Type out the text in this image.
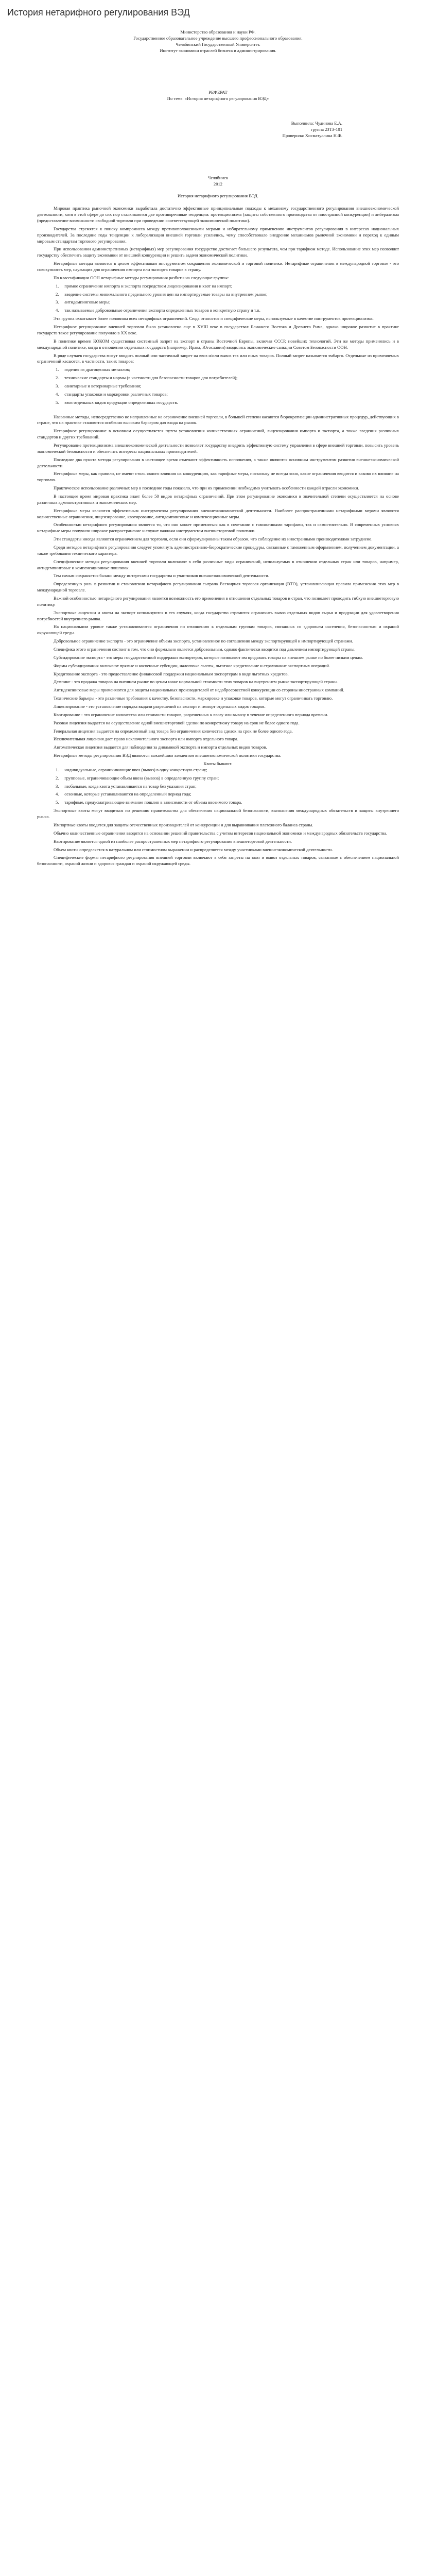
История нетарифного регулирования ВЭД

Министерство образования и науки РФ.

Государственное образовательное учреждение высшего профессионального образования.

Челябинский Государственный Университет.

Институт экономики отраслей бизнеса и администрирования.

РЕФЕРАТ

По теме: «История нетарифного регулирования ВЭД»

Выполнила: Чудинова Е.А.

группа 23Т3-101

Проверила: Хисматуллина Н.Ф.

Челябинск

2012

История нетарифного регулирования ВЭД.

Мировая практика рыночной экономики выработала достаточно эффективные принципиальные подходы к механизму государственного регулирования внешнеэкономической деятельности, хотя в этой сфере до сих пор сталкиваются две противоречивые тенденции: протекционизма (защиты собственного производства от иностранной конкуренции) и либерализма (предоставление возможности свободной торговли при проведении соответствующей экономической политики).

Государства стремятся к поиску компромисса между противоположенными мерами и избирательному применению инструментов регулирования в интересах национальных производителей. За последние годы тенденции к либерализации внешней торговли усилились, чему способствовало внедрение механизмов рыночной экономики и переход к единым мировым стандартам торгового регулирования.

При использовании административных (нетарифных) мер регулирования государство достигает большего результата, чем при тарифном методе. Использование этих мер позволяет государству обеспечить защиту экономики от внешней конкуренции и решить задачи экономической политики.

Нетарифные методы являются в целом эффективным инструментом сокращения экономической и торговой политики. Нетарифные ограничения в международной торговле - это совокупность мер, служащих для ограничения импорта или экспорта товаров в страну.

По классификации ООН нетарифные методы регулирования разбиты на следующие группы:

1.     прямое ограничение импорта и экспорта посредством лицензирования и квот на импорт;

2.     введение системы минимального предельного уровня цен на импортируемые товары на внутреннем рынке;

3.     антидемпинговые меры;

4.     так называемые добровольные ограничения экспорта определенных товаров в конкретную страну и т.п.

Эта группа охватывает более половины всех нетарифных ограничений. Сюда относятся и специфические меры, используемые в качестве инструментов протекционизма.

Нетарифное регулирование внешней торговли было установлено еще в XVIII веке в государствах Ближнего Востока и Древнего Рима, однако широкое развитие в практике государств такое регулирование получило в XX веке.

В политике времен КОКОМ существовал системный запрет на экспорт в страны Восточной Европы, включая СССР, новейших технологий. Эти же методы применялись и в международной политике, когда в отношении отдельных государств (например, Ирака, Югославии) вводились экономические санкции Советом Безопасности ООН.

В ряде случаев государства могут вводить полный или частичный запрет на ввоз и/или вывоз тех или иных товаров. Полный запрет называется эмбарго. Отдельные из применяемых ограничений касаются, в частности, таких товаров:

1.     изделия из драгоценных металлов;

2.     технические стандарты и нормы (в частности для безопасности товаров для потребителей);

3.     санитарные и ветеринарные требования;

4.     стандарты упаковки и маркировки различных товаров;

5.     ввоз отдельных видов продукции определенных государств.

Названные методы, непосредственно не направленные на ограничение внешней торговли, в большей степени касаются бюрократизации административных процедур, действующих в стране, что на практике становится особенно высоким барьером для входа на рынок.

Нетарифное регулирование в основном осуществляется путем установления количественных ограничений, лицензирования импорта и экспорта, а также введения различных стандартов и других требований.

Регулирование протекционизма внешнеэкономической деятельности позволяет государству внедрить эффективную систему управления в сфере внешней торговли, повысить уровень экономической безопасности и обеспечить интересы национальных производителей.

Последние два пункта метода регулирования в настоящее время отмечают эффективность исполнения, а также являются основным инструментом развития внешнеэкономической деятельности.

Нетарифные меры, как правило, не имеют столь явного влияния на конкуренцию, как тарифные меры, поскольку не всегда ясно, какие ограничения вводятся и каково их влияние на торговлю.

Практическое использование различных мер в последние годы показало, что при их применении необходимо учитывать особенности каждой отрасли экономики.

В настоящее время мировая практика знает более 50 видов нетарифных ограничений. При этом регулирование экономики в значительной степени осуществляется на основе различных административных и экономических мер.

Нетарифные меры являются эффективным инструментом регулирования внешнеэкономической деятельности. Наиболее распространенными нетарифными мерами являются количественные ограничения, лицензирование, квотирование, антидемпинговые и компенсационные меры.

Особенностью нетарифного регулирования является то, что оно может применяться как в сочетании с таможенными тарифами, так и самостоятельно. В современных условиях нетарифные меры получили широкое распространение и служат важным инструментом внешнеторговой политики.

Эти стандарты иногда являются ограничением для торговли, если они сформулированы таким образом, что соблюдение их иностранными производителями затруднено.

Среди методов нетарифного регулирования следует упомянуть административно-бюрократические процедуры, связанные с таможенным оформлением, получением документации, а также требования технического характера.

Специфические методы регулирования внешней торговли включают в себя различные виды ограничений, используемых в отношении отдельных стран или товаров, например, антидемпинговые и компенсационные пошлины.

Тем самым сохраняется баланс между интересами государства и участников внешнеэкономической деятельности.

Определенную роль в развитии и становлении нетарифного регулирования сыграла Всемирная торговая организация (ВТО), устанавливающая правила применения этих мер в международной торговле.

Важной особенностью нетарифного регулирования является возможность его применения в отношении отдельных товаров и стран, что позволяет проводить гибкую внешнеторговую политику.

Экспортные лицензии и квоты на экспорт используются в тех случаях, когда государство стремится ограничить вывоз отдельных видов сырья и продукции для удовлетворения потребностей внутреннего рынка.

На национальном уровне также устанавливаются ограничения по отношению к отдельным группам товаров, связанных со здоровьем населения, безопасностью и охраной окружающей среды.

Добровольное ограничение экспорта - это ограничение объема экспорта, установленное по соглашению между экспортирующей и импортирующей странами.

Специфика этого ограничения состоит в том, что оно формально является добровольным, однако фактически вводится под давлением импортирующей страны.

Субсидирование экспорта - это меры государственной поддержки экспортеров, которые позволяют им продавать товары на внешнем рынке по более низким ценам.

Формы субсидирования включают прямые и косвенные субсидии, налоговые льготы, льготное кредитование и страхование экспортных операций.

Кредитование экспорта - это предоставление финансовой поддержки национальным экспортерам в виде льготных кредитов.

Демпинг - это продажа товаров на внешнем рынке по ценам ниже нормальной стоимости этих товаров на внутреннем рынке экспортирующей страны.

Антидемпинговые меры применяются для защиты национальных производителей от недобросовестной конкуренции со стороны иностранных компаний.

Технические барьеры - это различные требования к качеству, безопасности, маркировке и упаковке товаров, которые могут ограничивать торговлю.

Лицензирование - это установление порядка выдачи разрешений на экспорт и импорт отдельных видов товаров.

Квотирование - это ограничение количества или стоимости товаров, разрешенных к ввозу или вывозу в течение определенного периода времени.

Разовая лицензия выдается на осуществление одной внешнеторговой сделки по конкретному товару на срок не более одного года.

Генеральная лицензия выдается на определенный вид товара без ограничения количества сделок на срок не более одного года.

Исключительная лицензия дает право исключительного экспорта или импорта отдельного товара.

Автоматическая лицензия выдается для наблюдения за динамикой экспорта и импорта отдельных видов товаров.

Нетарифные методы регулирования ВЭД являются важнейшим элементом внешнеэкономической политики государства.

Квоты бывают:

1.     индивидуальные, ограничивающие ввоз (вывоз) в одну конкретную страну;

2.     групповые, ограничивающие объем ввоза (вывоза) в определенную группу стран;

3.     глобальные, когда квота устанавливается на товар без указания стран;

4.     сезонные, которые устанавливаются на определенный период года;

5.     тарифные, предусматривающие взимание пошлин в зависимости от объема ввозимого товара.

Экспортные квоты могут вводиться по решению правительства для обеспечения национальной безопасности, выполнения международных обязательств и защиты внутреннего рынка.

Импортные квоты вводятся для защиты отечественных производителей от конкуренции и для выравнивания платежного баланса страны.

Обычно количественные ограничения вводятся на основании решений правительства с учетом интересов национальной экономики и международных обязательств государства.

Квотирование является одной из наиболее распространенных мер нетарифного регулирования внешнеторговой деятельности.

Объем квоты определяется в натуральном или стоимостном выражении и распределяется между участниками внешнеэкономической деятельности.

Специфические формы нетарифного регулирования внешней торговли включают в себя запреты на ввоз и вывоз отдельных товаров, связанные с обеспечением национальной безопасности, охраной жизни и здоровья граждан и охраной окружающей среды.
